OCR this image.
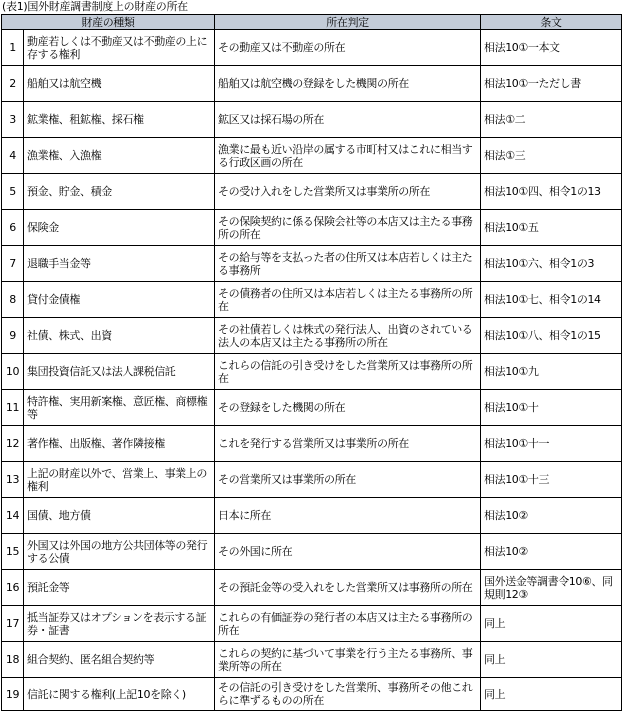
(表1)国外財産調書制度上の財産の所在
財産の種類		所在判定	条文
1	動産若しくは不動産又は不動産の上に存する権利	その動産又は不動産の所在	相法10①一本文
2	船舶又は航空機	船舶又は航空機の登録をした機関の所在	相法10①一ただし書
3	鉱業権、租鉱権、採石権	鉱区又は採石場の所在	相法①二
4	漁業権、入漁権	漁業に最も近い沿岸の属する市町村又はこれに相当する行政区画の所在	相法①三
5	預金、貯金、積金	その受け入れをした営業所又は事業所の所在	相法10①四、相令1の13
6	保険金	その保険契約に係る保険会社等の本店又は主たる事務所の所在	相法10①五
7	退職手当金等	その給与等を支払った者の住所又は本店若しくは主たる事務所	相法10①六、相令1の3
8	貸付金債権	その債務者の住所又は本店若しくは主たる事務所の所在	相法10①七、相令1の14
9	社債、株式、出資	その社債若しくは株式の発行法人、出資のされている法人の本店又は主たる事務所の所在	相法10①八、相令1の15
10	集団投資信託又は法人課税信託	これらの信託の引き受けをした営業所又は事務所の所在	相法10①九
11	特許権、実用新案権、意匠権、商標権等	その登録をした機関の所在	相法10①十
12	著作権、出版権、著作隣接権	これを発行する営業所又は事業所の所在	相法10①十一
13	上記の財産以外で、営業上、事業上の権利	その営業所又は事業所の所在	相法10①十三
14	国債、地方債	日本に所在	相法10②
15	外国又は外国の地方公共団体等の発行する公債	その外国に所在	相法10②
16	預託金等	その預託金等の受入れをした営業所又は事務所の所在	国外送金等調書令10⑥、同規則12③
17	抵当証券又はオプションを表示する証券・証書	これらの有価証券の発行者の本店又は主たる事務所の所在	同上
18	組合契約、匿名組合契約等	これらの契約に基づいて事業を行う主たる事務所、事業所等の所在	同上
19	信託に関する権利(上記10を除く)	その信託の引き受けをした営業所、事務所その他これらに準ずるものの所在	同上
